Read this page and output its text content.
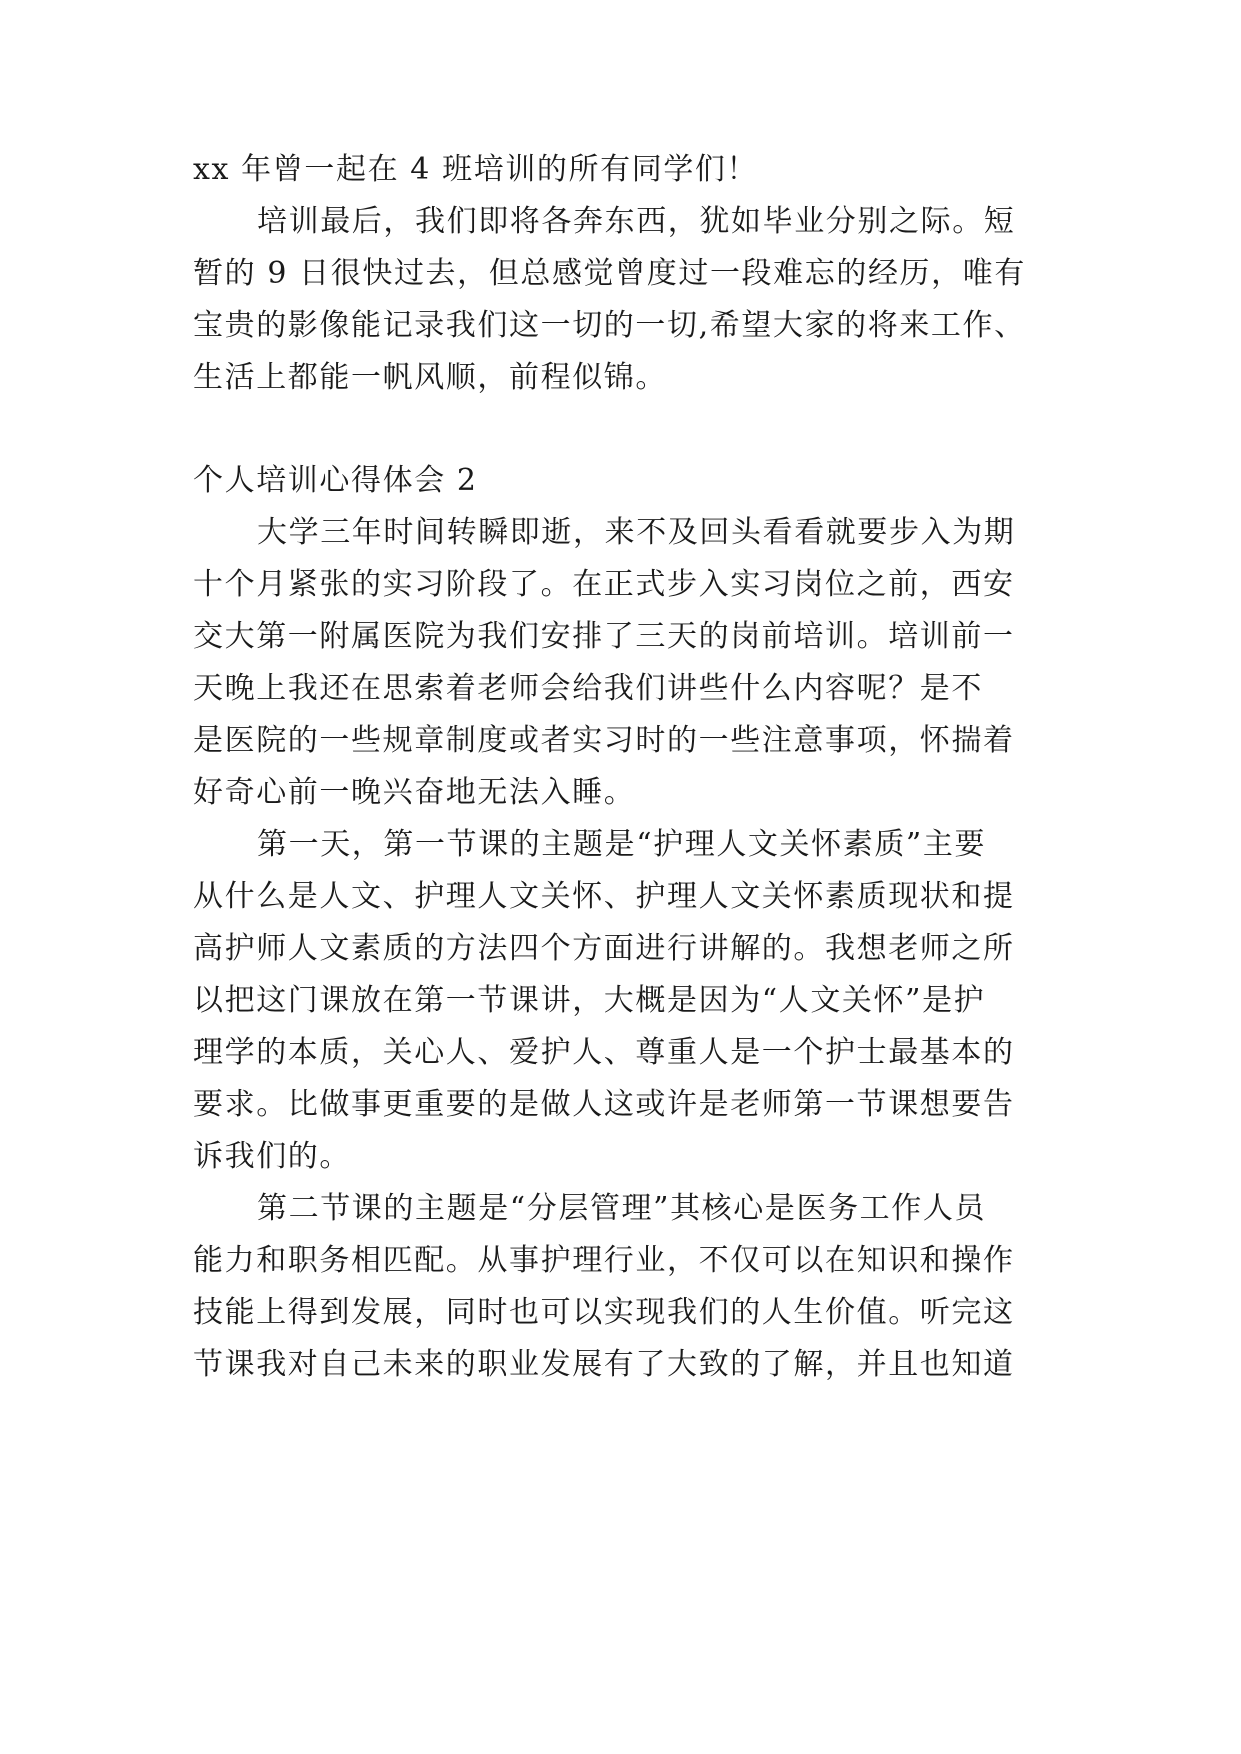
xx 年曾一起在 4 班培训的所有同学们！
培训最后，我们即将各奔东西，犹如毕业分别之际。短
暂的 9 日很快过去，但总感觉曾度过一段难忘的经历，唯有
宝贵的影像能记录我们这一切的一切,希望大家的将来工作、
生活上都能一帆风顺，前程似锦。
个人培训心得体会 2
大学三年时间转瞬即逝，来不及回头看看就要步入为期
十个月紧张的实习阶段了。在正式步入实习岗位之前，西安
交大第一附属医院为我们安排了三天的岗前培训。培训前一
天晚上我还在思索着老师会给我们讲些什么内容呢？是不
是医院的一些规章制度或者实习时的一些注意事项，怀揣着
好奇心前一晚兴奋地无法入睡。
第一天，第一节课的主题是“护理人文关怀素质”主要
从什么是人文、护理人文关怀、护理人文关怀素质现状和提
高护师人文素质的方法四个方面进行讲解的。我想老师之所
以把这门课放在第一节课讲，大概是因为“人文关怀”是护
理学的本质，关心人、爱护人、尊重人是一个护士最基本的
要求。比做事更重要的是做人这或许是老师第一节课想要告
诉我们的。
第二节课的主题是“分层管理”其核心是医务工作人员
能力和职务相匹配。从事护理行业，不仅可以在知识和操作
技能上得到发展，同时也可以实现我们的人生价值。听完这
节课我对自己未来的职业发展有了大致的了解，并且也知道
